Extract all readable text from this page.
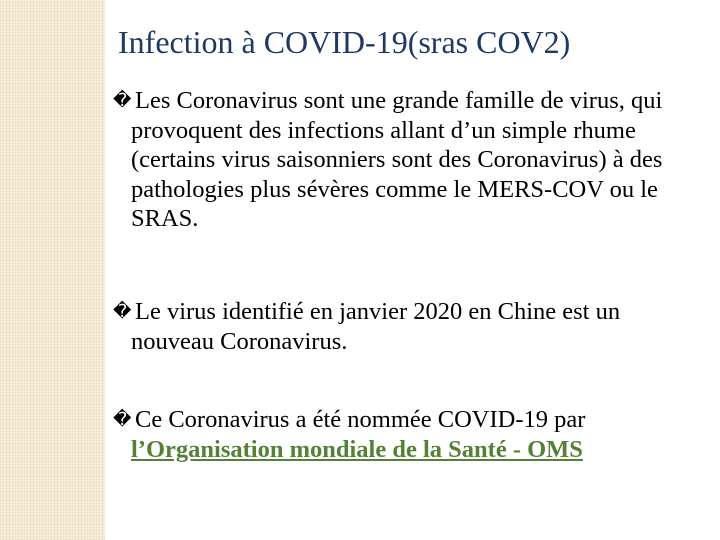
Infection à COVID-19(sras COV2)
� Les Coronavirus sont une grande famille de virus, qui provoquent des infections allant d’un simple rhume (certains virus saisonniers sont des Coronavirus) à des pathologies plus sévères comme le MERS-COV ou le SRAS.
� Le virus identifié en janvier 2020 en Chine est un nouveau Coronavirus.
� Ce Coronavirus a été nommée COVID-19 par l’Organisation mondiale de la Santé - OMS
